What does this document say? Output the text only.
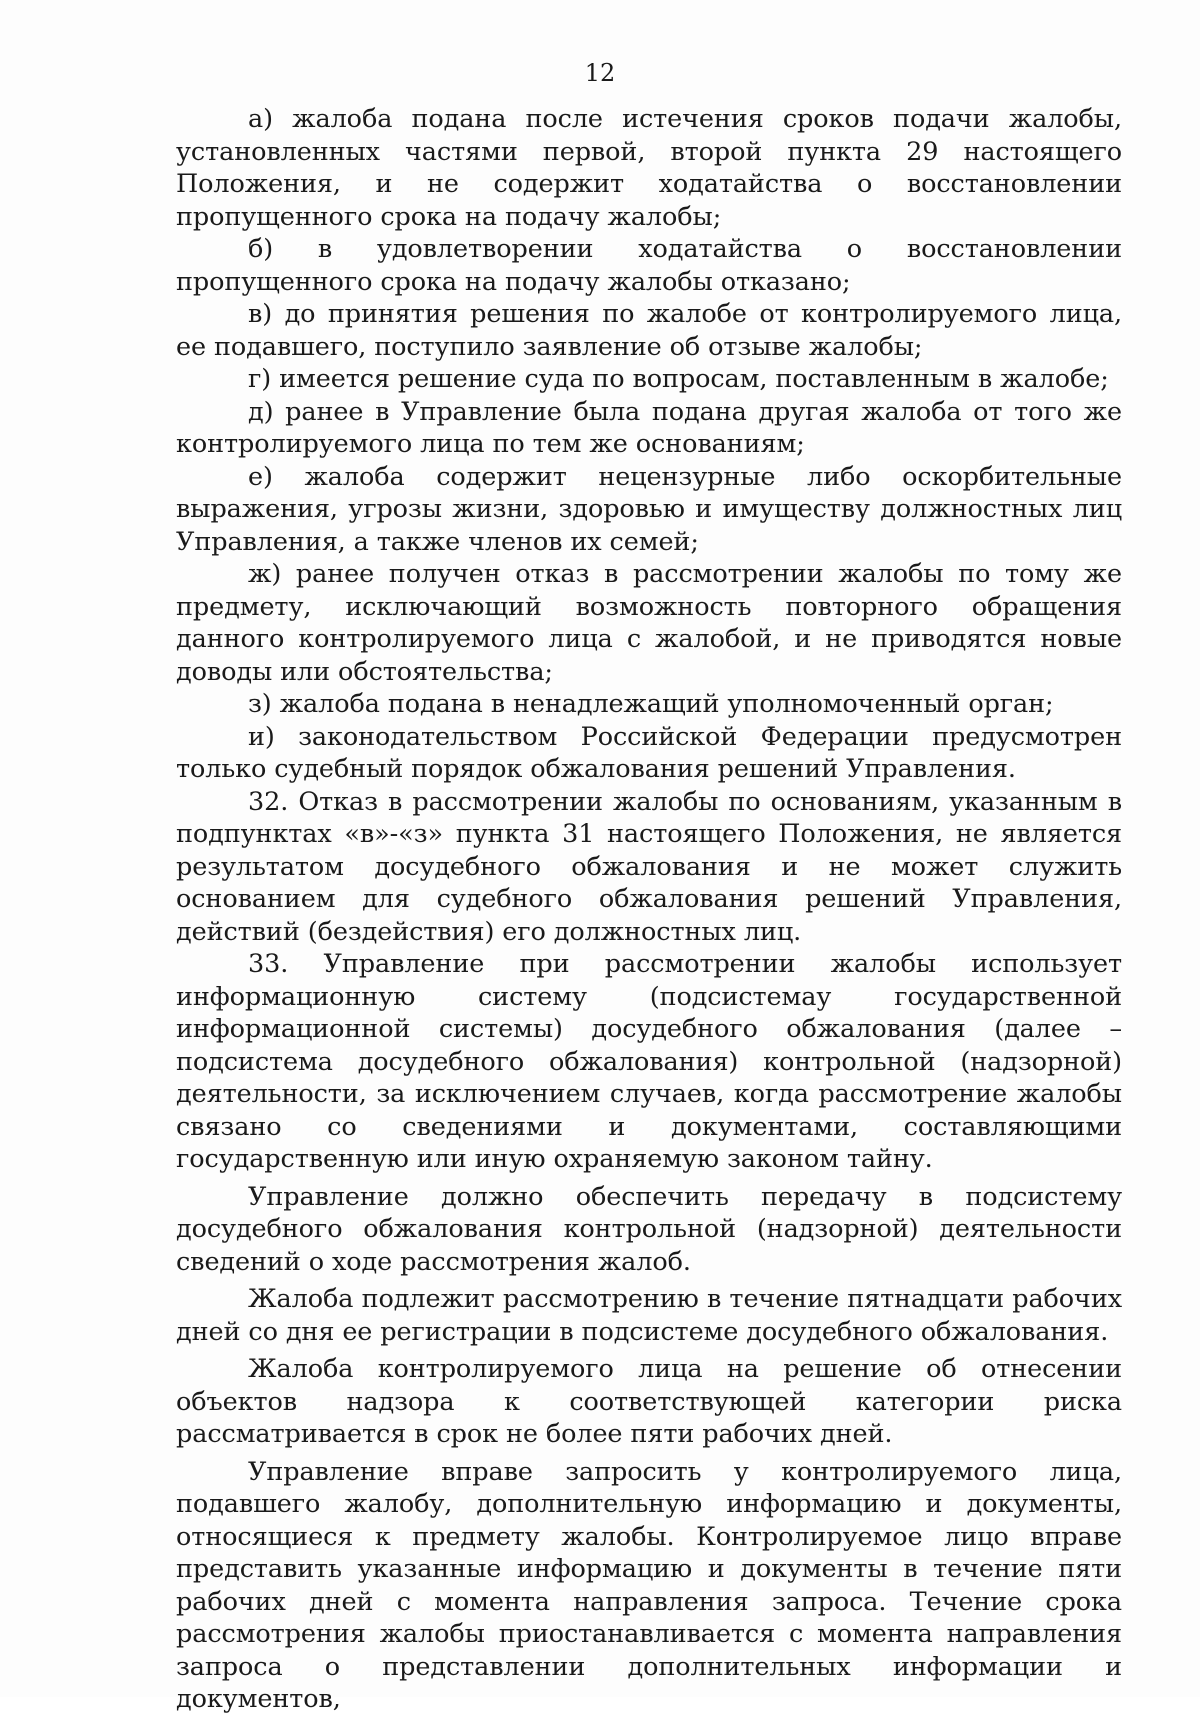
12

а) жалоба подана после истечения сроков подачи жалобы, установленных частями первой, второй пункта 29 настоящего Положения, и не содержит ходатайства о восстановлении пропущенного срока на подачу жалобы;

б) в удовлетворении ходатайства о восстановлении пропущенного срока на подачу жалобы отказано;

в) до принятия решения по жалобе от контролируемого лица, ее подавшего, поступило заявление об отзыве жалобы;

г) имеется решение суда по вопросам, поставленным в жалобе;

д) ранее в Управление была подана другая жалоба от того же контролируемого лица по тем же основаниям;

е) жалоба содержит нецензурные либо оскорбительные выражения, угрозы жизни, здоровью и имуществу должностных лиц Управления, а также членов их семей;

ж) ранее получен отказ в рассмотрении жалобы по тому же предмету, исключающий возможность повторного обращения данного контролируемого лица с жалобой, и не приводятся новые доводы или обстоятельства;

з) жалоба подана в ненадлежащий уполномоченный орган;

и) законодательством Российской Федерации предусмотрен только судебный порядок обжалования решений Управления.

32. Отказ в рассмотрении жалобы по основаниям, указанным в подпунктах «в»-«з» пункта 31 настоящего Положения, не является результатом досудебного обжалования и не может служить основанием для судебного обжалования решений Управления, действий (бездействия) его должностных лиц.

33. Управление при рассмотрении жалобы использует информационную систему (подсистемау государственной информационной системы) досудебного обжалования (далее – подсистема досудебного обжалования) контрольной (надзорной) деятельности, за исключением случаев, когда рассмотрение жалобы связано со сведениями и документами, составляющими государственную или иную охраняемую законом тайну.

Управление должно обеспечить передачу в подсистему досудебного обжалования контрольной (надзорной) деятельности сведений о ходе рассмотрения жалоб.

Жалоба подлежит рассмотрению в течение пятнадцати рабочих дней со дня ее регистрации в подсистеме досудебного обжалования.

Жалоба контролируемого лица на решение об отнесении объектов надзора к соответствующей категории риска рассматривается в срок не более пяти рабочих дней.

Управление вправе запросить у контролируемого лица, подавшего жалобу, дополнительную информацию и документы, относящиеся к предмету жалобы. Контролируемое лицо вправе представить указанные информацию и документы в течение пяти рабочих дней с момента направления запроса. Течение срока рассмотрения жалобы приостанавливается с момента направления запроса о представлении дополнительных информации и документов,
